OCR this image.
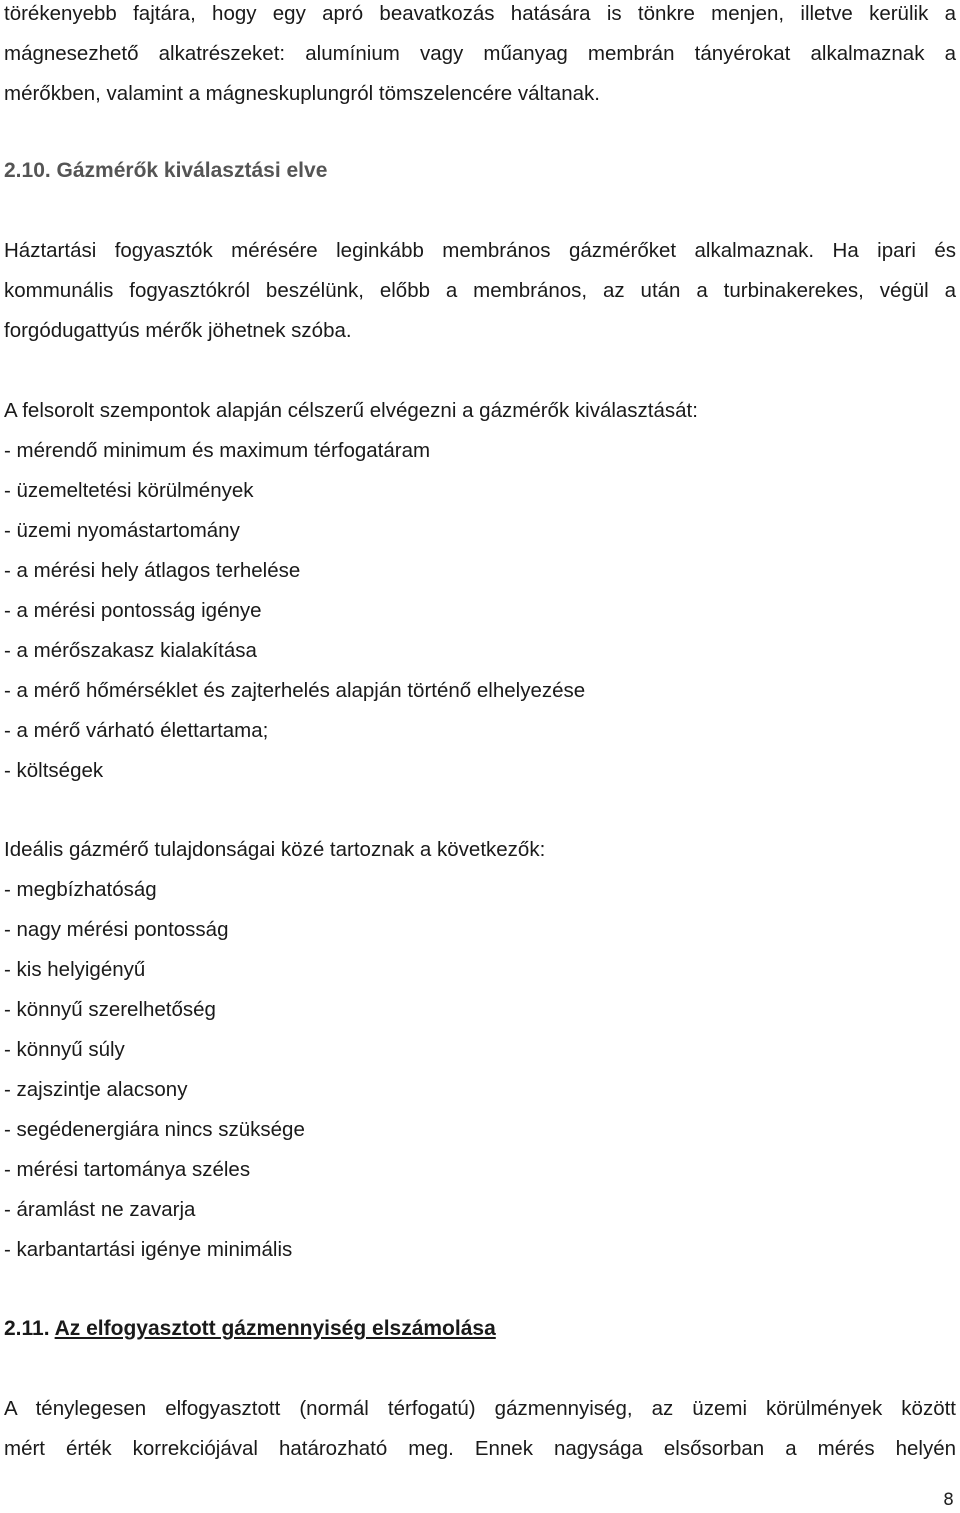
törékenyebb fajtára, hogy egy apró beavatkozás hatására is tönkre menjen, illetve kerülik a
mágnesezhető alkatrészeket: alumínium vagy műanyag membrán tányérokat alkalmaznak a
mérőkben, valamint a mágneskuplungról tömszelencére váltanak.
2.10. Gázmérők kiválasztási elve
Háztartási fogyasztók mérésére leginkább membrános gázmérőket alkalmaznak. Ha ipari és
kommunális fogyasztókról beszélünk, előbb a membrános, az után a turbinakerekes, végül a
forgódugattyús mérők jöhetnek szóba.
A felsorolt szempontok alapján célszerű elvégezni a gázmérők kiválasztását:
- mérendő minimum és maximum térfogatáram
- üzemeltetési körülmények
- üzemi nyomástartomány
- a mérési hely átlagos terhelése
- a mérési pontosság igénye
- a mérőszakasz kialakítása
- a mérő hőmérséklet és zajterhelés alapján történő elhelyezése
- a mérő várható élettartama;
- költségek
Ideális gázmérő tulajdonságai közé tartoznak a következők:
- megbízhatóság
- nagy mérési pontosság
- kis helyigényű
- könnyű szerelhetőség
- könnyű súly
- zajszintje alacsony
- segédenergiára nincs szüksége
- mérési tartománya széles
- áramlást ne zavarja
- karbantartási igénye minimális
2.11. Az elfogyasztott gázmennyiség elszámolása
A ténylegesen elfogyasztott (normál térfogatú) gázmennyiség, az üzemi körülmények között
mért érték korrekciójával határozható meg. Ennek nagysága elsősorban a mérés helyén
8
